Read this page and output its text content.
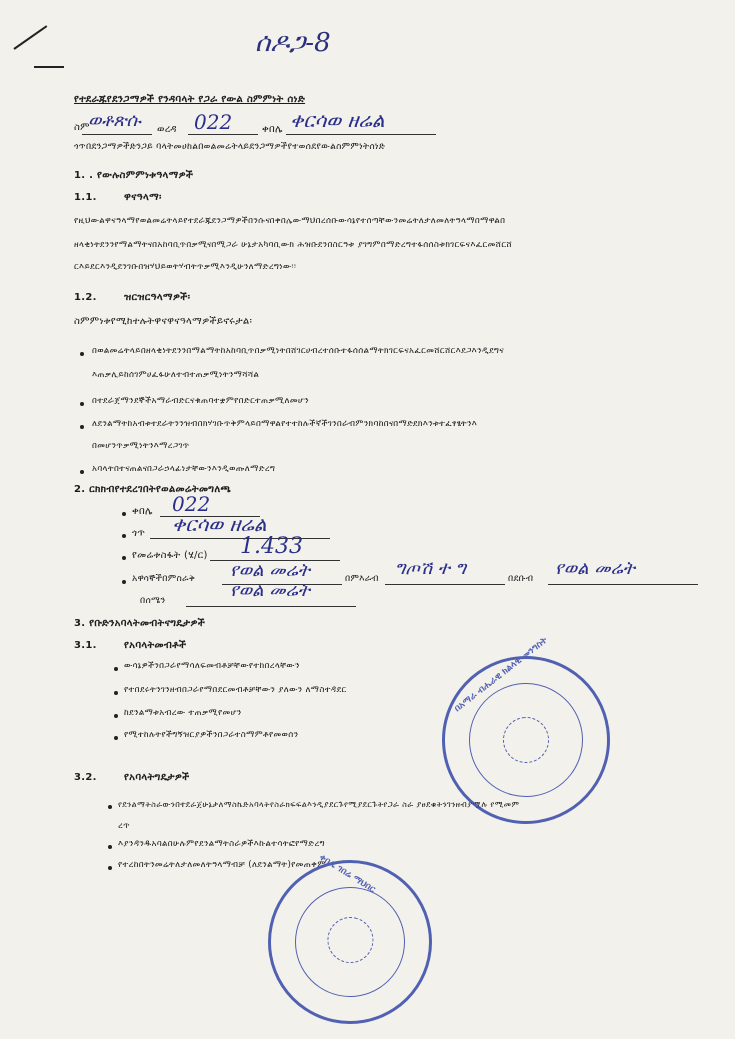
ሰዶጋ-8
የተደራጁየደንጋማዎች የንዳባላት የጋራ የውል ስምምነት ሰነድ
ስም
ወቶጽሱ ወረዳ 022	ቀበሌ ቀርሳወ ዘሬል
ጎጥበደንጋማዎችድንጋይ ባላትመሀከልበወልመሬትላይደንጋማዎችየተወሰደየውልስምምነትሰነድ
1. . የውሉስምምነቱዓላማዎች
1.1.	ዋናዓላማ፡
የዚህውልዋናዓላማየወልመሬትላይየተደራጁደንጋማዎችበንሱናበቀበሌውማህበረሰቡውሳኔየተሰጣቸውንመሬትለታለመለትዓላማበማዋልበ
ዘላቂነትደንንየማልማትናበአከባቢጥበቃሚናበሚጋራ ሁኔታአካባቢውክ ሕዝቡደንበስርዓቱ ያገግምበማድረግተፋሰሰስቱክገርፍናእፈርመሸርሸ
ርእይደርእንዲደንገቡበዝሃህይወትሃብትጥቃሚእንዲሁንለማድረግነው፡፡
1.2.	ዝርዝርዓላማዎች፡
ስምምነቱየሚከተሉትዋናዋናዓላማዎችይኖሩታል፡
በወልመሬትላይበዘላቂነትደንንበማልማትከአከባቢጥበቃሚነትበሸገርሀብረተሰቡተፋሰሰልማትክገርፍናአፈርመሸርሸርእደጋእንዲደግና
እጠቃሊይከሰገምሀፈፋሁለተብተጠቃሚነትንማሻሻል
በተደራጀማንደኞችአማራብድርናቁጠባተቋምየበድርተጠቃሚለመሆን
ለደንልማትከአብቱተደራትንንዝብበክሃገቡጥቅምላይበማዋልየተተከሉችኛችገንበራብምንክባከበናበማድደክእንቱተፈፃፄትንእ
በመሆንጥቃሚነትንእማረጋገጥ
አባላትበተናጠልናበጋራኃላፊነታቸውንእንዲወጡለማድረግ
2. ርክክብየተደረገበትየወልመሬትመግለጫ
ቀበሌ 022
ጎጥ ቀርሳወ ዘሬል
የመሬቱስፋት (ሄ/ር) 1.433
አዋሳኞችበምስራቅ የወል መሬት	በምእራብ ግጦሽ ተ ግ	በደቡብ የወል መሬት
በሰሜን	የወል መሬት
3. የቡድንአባላትመብትናግዴታዎች
3.1.	የአባላትመብቶች
ውሳኔዎችንበጋራየማሳለፍመብቶቻቸውየተከበረላቸውን
የተበደሩትንገንዘብበጋራየማበደርመብቶቻቸውን ያለውን ለማስተዳደር
ከደንልማቱአብረው ተጠቃሚየመሆን
የሚተከሉትየችግኝዝርያዎችንበጋራተስማምቶየመወሰን
3.2.	የአባላትግዴታዎች
የደንልማትስራውንበተደራጀሁኔታለማስኬድአባላትየስራክፍፍልእንዲያደርጉየሚያደርጉትየጋራ ስራ ያፀደቁትንገንዘብያሟሉ የሚመም
ረጥ
እያንዳንዱአባልበሁሉምየደንልማትስራዎችእኩልተሳትፎየማድረግ
የተረከበትንመሬትለታለመለትዓላማብቻ (ለደንልማት)የመጠቀም
በአማራ ብሔራዊ ክልላዊ መንግስት
ቀበሌ ገበሬ ማህበር
